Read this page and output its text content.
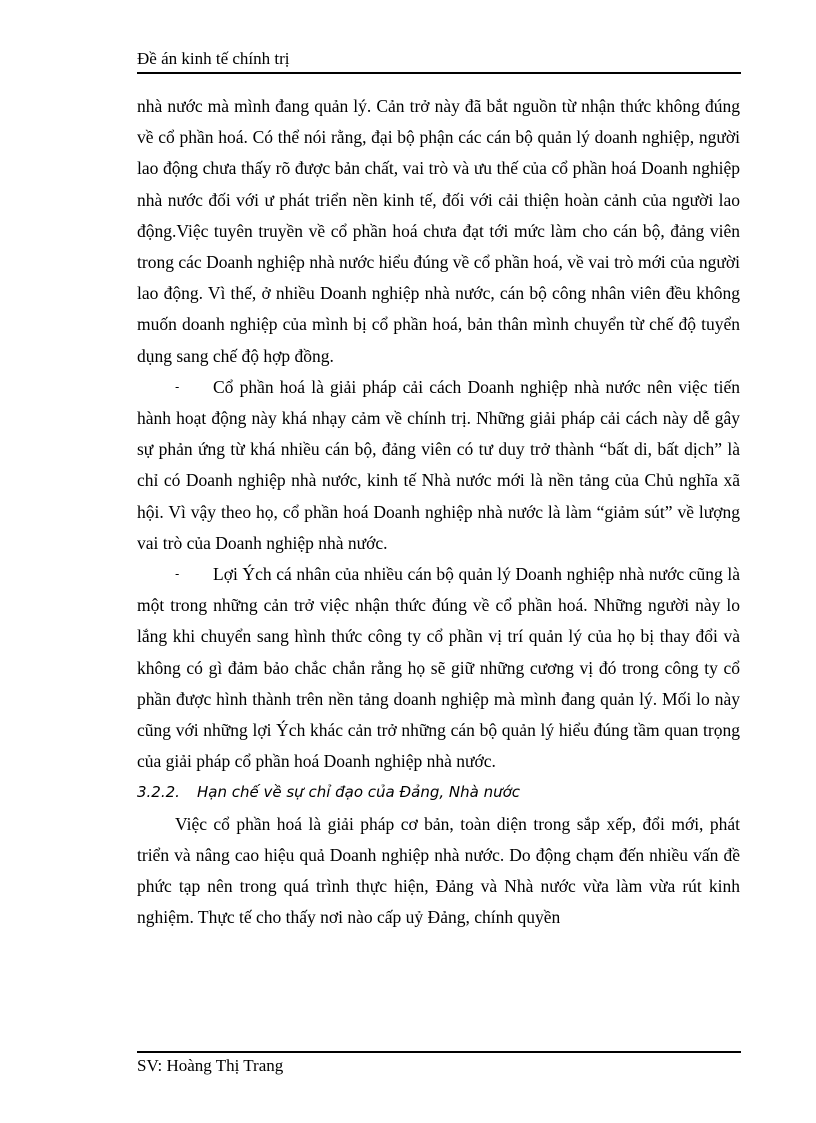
Đề án kinh tế chính trị

nhà nước mà mình đang quản lý. Cản trở này đã bắt nguồn từ nhận thức không đúng về cổ phần hoá. Có thể nói rằng, đại bộ phận các cán bộ quản lý doanh nghiệp, người lao động chưa thấy rõ được bản chất, vai trò và ưu thế của cổ phần hoá Doanh nghiệp nhà nước đối với ư phát triển nền kinh tế, đối với cải thiện hoàn cảnh của người lao động.Việc tuyên truyền về cổ phần hoá chưa đạt tới mức làm cho cán bộ, đảng viên trong các Doanh nghiệp nhà nước hiểu đúng về cổ phần hoá, về vai trò mới của người lao động. Vì thế, ở nhiều Doanh nghiệp nhà nước, cán bộ công nhân viên đều không muốn doanh nghiệp của mình bị cổ phần hoá, bản thân mình chuyển từ chế độ tuyển dụng sang chế độ hợp đồng.

- Cổ phần hoá là giải pháp cải cách Doanh nghiệp nhà nước nên việc tiến hành hoạt động này khá nhạy cảm về chính trị. Những giải pháp cải cách này dễ gây sự phản ứng từ khá nhiều cán bộ, đảng viên có tư duy trở thành “bất di, bất dịch” là chỉ có Doanh nghiệp nhà nước, kinh tế Nhà nước mới là nền tảng của Chủ nghĩa xã hội. Vì vậy theo họ, cổ phần hoá Doanh nghiệp nhà nước là làm “giảm sút” về lượng vai trò của Doanh nghiệp nhà nước.

- Lợi Ých cá nhân của nhiều cán bộ quản lý Doanh nghiệp nhà nước cũng là một trong những cản trở việc nhận thức đúng về cổ phần hoá. Những người này lo lắng khi chuyển sang hình thức công ty cổ phần vị trí quản lý của họ bị thay đổi và không có gì đảm bảo chắc chắn rằng họ sẽ giữ những cương vị đó trong công ty cổ phần được hình thành trên nền tảng doanh nghiệp mà mình đang quản lý. Mối lo này cũng với những lợi Ých khác cản trở những cán bộ quản lý hiểu đúng tầm quan trọng của giải pháp cổ phần hoá Doanh nghiệp nhà nước.

3.2.2. Hạn chế về sự chỉ đạo của Đảng, Nhà nước

Việc cổ phần hoá là giải pháp cơ bản, toàn diện trong sắp xếp, đổi mới, phát triển và nâng cao hiệu quả Doanh nghiệp nhà nước. Do động chạm đến nhiều vấn đề phức tạp nên trong quá trình thực hiện, Đảng và Nhà nước vừa làm vừa rút kinh nghiệm. Thực tế cho thấy nơi nào cấp uỷ Đảng, chính quyền

SV: Hoàng Thị Trang
